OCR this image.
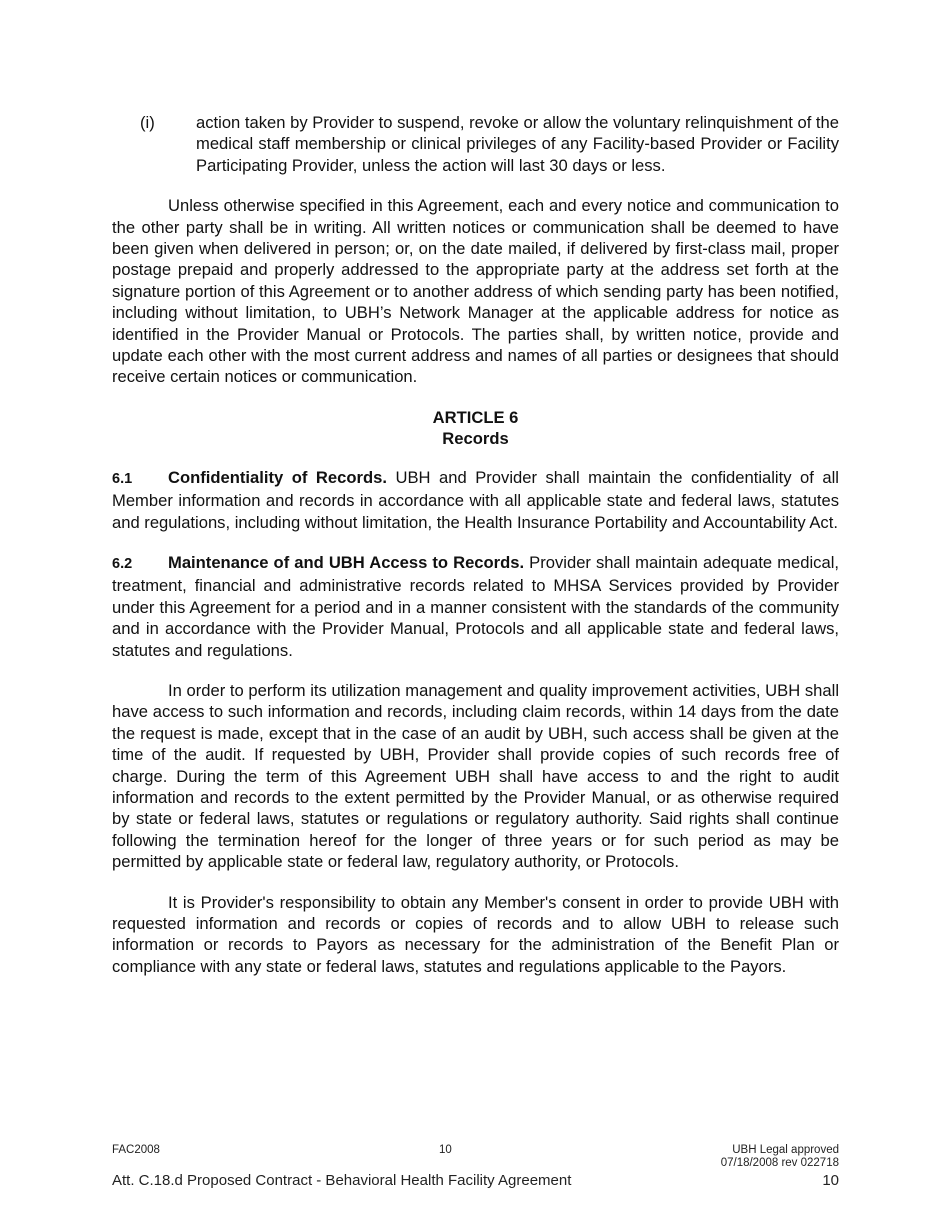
(i) action taken by Provider to suspend, revoke or allow the voluntary relinquishment of the medical staff membership or clinical privileges of any Facility-based Provider or Facility Participating Provider, unless the action will last 30 days or less.

Unless otherwise specified in this Agreement, each and every notice and communication to the other party shall be in writing. All written notices or communication shall be deemed to have been given when delivered in person; or, on the date mailed, if delivered by first-class mail, proper postage prepaid and properly addressed to the appropriate party at the address set forth at the signature portion of this Agreement or to another address of which sending party has been notified, including without limitation, to UBH’s Network Manager at the applicable address for notice as identified in the Provider Manual or Protocols. The parties shall, by written notice, provide and update each other with the most current address and names of all parties or designees that should receive certain notices or communication.

ARTICLE 6
Records

6.1 Confidentiality of Records. UBH and Provider shall maintain the confidentiality of all Member information and records in accordance with all applicable state and federal laws, statutes and regulations, including without limitation, the Health Insurance Portability and Accountability Act.

6.2 Maintenance of and UBH Access to Records. Provider shall maintain adequate medical, treatment, financial and administrative records related to MHSA Services provided by Provider under this Agreement for a period and in a manner consistent with the standards of the community and in accordance with the Provider Manual, Protocols and all applicable state and federal laws, statutes and regulations.

In order to perform its utilization management and quality improvement activities, UBH shall have access to such information and records, including claim records, within 14 days from the date the request is made, except that in the case of an audit by UBH, such access shall be given at the time of the audit. If requested by UBH, Provider shall provide copies of such records free of charge. During the term of this Agreement UBH shall have access to and the right to audit information and records to the extent permitted by the Provider Manual, or as otherwise required by state or federal laws, statutes or regulations or regulatory authority. Said rights shall continue following the termination hereof for the longer of three years or for such period as may be permitted by applicable state or federal law, regulatory authority, or Protocols.

It is Provider's responsibility to obtain any Member's consent in order to provide UBH with requested information and records or copies of records and to allow UBH to release such information or records to Payors as necessary for the administration of the Benefit Plan or compliance with any state or federal laws, statutes and regulations applicable to the Payors.

FAC2008	10	UBH Legal approved
07/18/2008 rev 022718
Att. C.18.d Proposed Contract - Behavioral Health Facility Agreement	10
